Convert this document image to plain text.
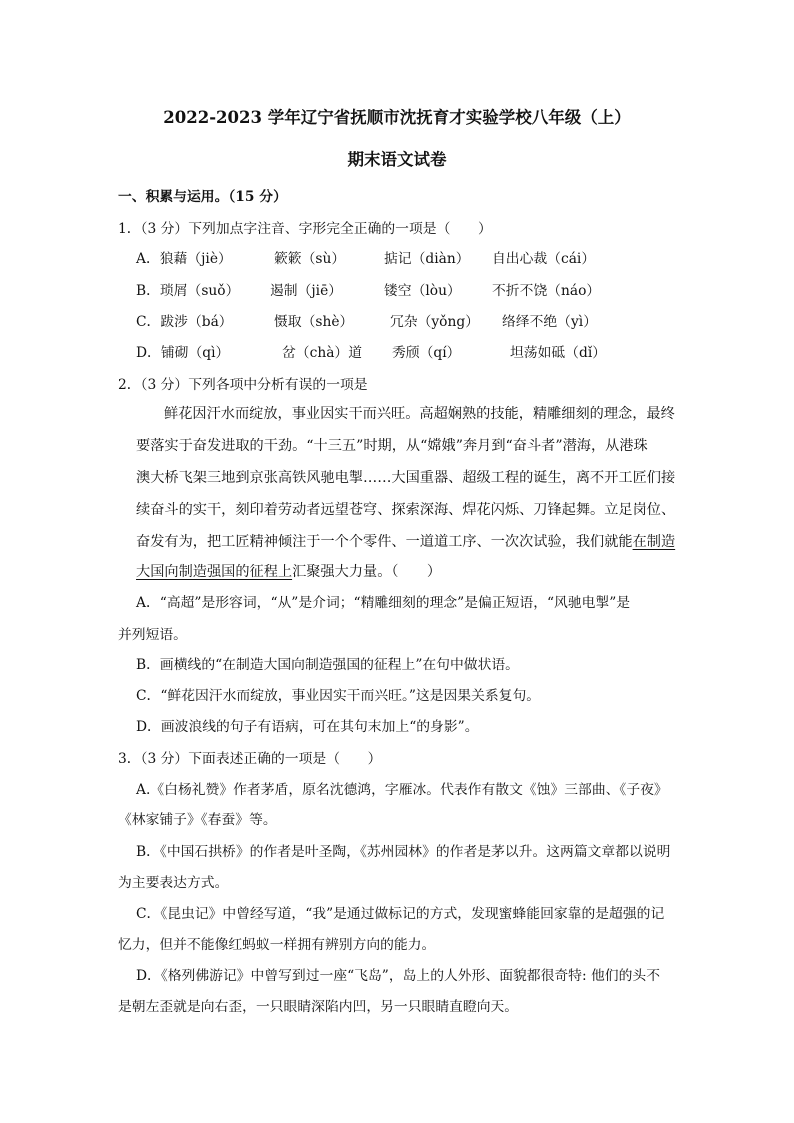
2022-2023 学年辽宁省抚顺市沈抚育才实验学校八年级（上）
期末语文试卷
一、积累与运用。（15 分）
1．（3 分）下列加点字注音、字形完全正确的一项是（　　）
A．狼藉（jiè）	簌簌（sù）	掂记（diàn） 自出心裁（cái）
B．琐屑（suǒ） 遏制（jiē）	镂空（lòu） 不折不饶（náo）
C．跋涉（bá）	慑取（shè）	冗杂（yǒng） 络绎不绝（yì）
D．铺砌（qì）	岔（chà）道 秀颀（qí）	坦荡如砥（dǐ）
2．（3 分）下列各项中分析有误的一项是
鲜花因汗水而绽放，事业因实干而兴旺。高超娴熟的技能，精雕细刻的理念，最终
要落实于奋发进取的干劲。“十三五”时期，从“嫦娥”奔月到“奋斗者”潜海，从港珠
澳大桥飞架三地到京张高铁风驰电掣……大国重器、超级工程的诞生，离不开工匠们接
续奋斗的实干，刻印着劳动者远望苍穹、探索深海、焊花闪烁、刀锋起舞。立足岗位、
奋发有为，把工匠精神倾注于一个个零件、一道道工序、一次次试验，我们就能在制造
大国向制造强国的征程上汇聚强大力量。（　　）
A．“高超”是形容词，“从”是介词；“精雕细刻的理念”是偏正短语，“风驰电掣”是
并列短语。
B．画横线的“在制造大国向制造强国的征程上”在句中做状语。
C．“鲜花因汗水而绽放，事业因实干而兴旺。”这是因果关系复句。
D．画波浪线的句子有语病，可在其句末加上“的身影”。
3．（3 分）下面表述正确的一项是（　　）
A.《白杨礼赞》作者茅盾，原名沈德鸿，字雁冰。代表作有散文《蚀》三部曲、《子夜》
《林家铺子》《春蚕》等。
B．《中国石拱桥》的作者是叶圣陶，《苏州园林》的作者是茅以升。这两篇文章都以说明
为主要表达方式。
C．《昆虫记》中曾经写道，“我”是通过做标记的方式，发现蜜蜂能回家靠的是超强的记
忆力，但并不能像红蚂蚁一样拥有辨别方向的能力。
D．《格列佛游记》中曾写到过一座“飞岛”，岛上的人外形、面貌都很奇特: 他们的头不
是朝左歪就是向右歪，一只眼睛深陷内凹，另一只眼睛直瞪向天。
